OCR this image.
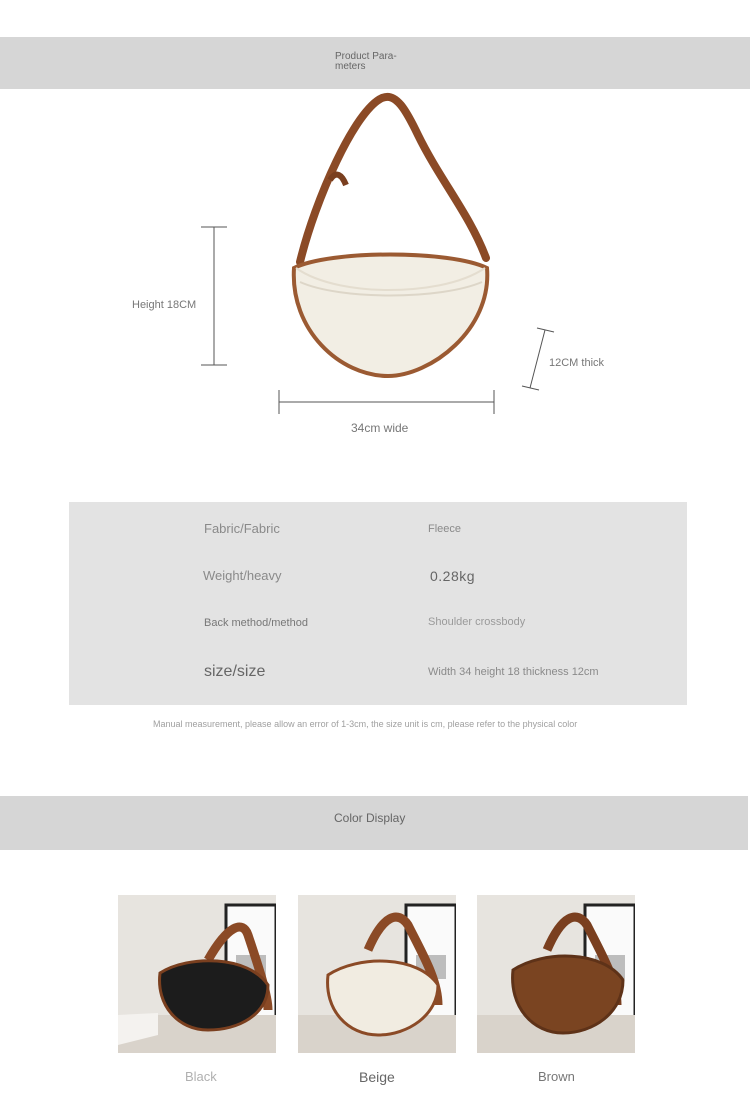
Product Para-
meters
Height 18CM
12CM thick
34cm wide
Fabric/Fabric	Fleece
Weight/heavy	0.28kg
Back method/method	Shoulder crossbody
size/size	Width 34 height 18 thickness 12cm
Manual measurement, please allow an error of 1-3cm, the size unit is cm, please refer to the physical color
Color Display
Black	Beige	Brown
